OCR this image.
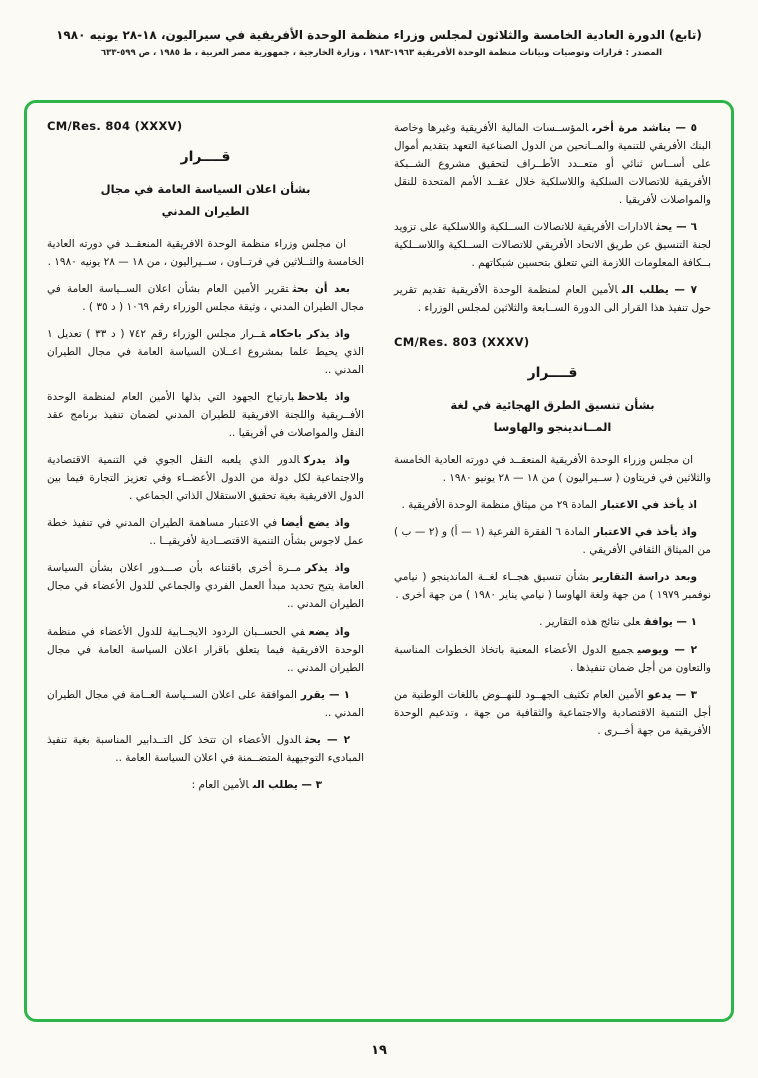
(تابع) الدورة العادية الخامسة والثلاثون لمجلس وزراء منظمة الوحدة الأفريقية في سيراليون، ١٨-٢٨ يونيه ١٩٨٠
المصدر : قرارات وتوصيات وبيانات منظمة الوحدة الأفريقية ١٩٦٣-١٩٨٣ ، وزارة الخارجية ، جمهورية مصر العربية ، ط ١٩٨٥ ، ص ٥٩٩-٦٣٣

٥ — يناشد مرة أخرىالمؤســسات المالية الأفريقية وغيرها وخاصة البنك الأفريقي للتنمية والمــانحين من الدول الصناعية التعهد بتقديم أموال على أســاس ثنائي أو متعــدد الأطــراف لتحقيق مشروع الشــبكة الأفريقية للاتصالات السلكية واللاسلكية خلال عقــد الأمم المتحدة للنقل والمواصلات لأفريقيا .

٦ — يحثالادارات الأفريقية للاتصالات الســلكية واللاسلكية على تزويد لجنة التنسيق عن طريق الاتحاد الأفريقي للاتصالات الســلكية واللاســلكية بــكافة المعلومات اللازمة التي تتعلق بتحسين شبكاتهم .

٧ — يطلب الىالأمين العام لمنظمة الوحدة الأفريقية تقديم تقرير حول تنفيذ هذا القرار الى الدورة الســابعة والثلاثين لمجلس الوزراء .

CM/Res. 803 (XXXV)
قــــرار
بشأن تنسيق الطرق الهجائية في لغة
المــاندينجو والهاوسا

ان مجلس وزراء الوحدة الأفريقية المنعقــد في دورته العادية الخامسة والثلاثين في فريتاون ( ســيراليون ) من ١٨ — ٢٨ يونيو ١٩٨٠ .

اذ يأخذ في الاعتبارالمادة ٢٩ من ميثاق منظمة الوحدة الأفريقية .

واذ يأخذ في الاعتبارالمادة ٦ الفقرة الفرعية (١ — أ) و (٢ — ب ) من الميثاق الثقافي الأفريقي .

وبعد دراسة التقاريربشأن تنسيق هجــاء لغــة الماندينجو ( نيامي نوفمبر ١٩٧٩ ) من جهة ولغة الهاوسا ( نيامي يناير ١٩٨٠ ) من جهة أخرى .

١ — يوافقعلى نتائج هذه التقارير .

٢ — ويوصيجميع الدول الأعضاء المعنية باتخاذ الخطوات المناسبة والتعاون من أجل ضمان تنفيذها .

٣ — يدعوالأمين العام تكثيف الجهــود للنهــوض باللغات الوطنية من أجل التنمية الاقتصادية والاجتماعية والثقافية من جهة ، وتدعيم الوحدة الأفريقية من جهة أخــرى .

CM/Res. 804 (XXXV)
قــــرار
بشأن اعلان السياسة العامة في مجال
الطيران المدني

ان مجلس وزراء منظمة الوحدة الافريقية المنعقــد في دورته العادية الخامسة والثــلاثين في فرتــاون ، ســيراليون ، من ١٨ — ٢٨ يونيه ١٩٨٠ .

بعد أن بحثتقرير الأمين العام بشأن اعلان الســياسة العامة في مجال الطيران المدني ، وثيقة مجلس الوزراء رقم ١٠٦٩ ( د ٣٥ ) .

واذ يذكر باحكامقــرار مجلس الوزراء رقم ٧٤٢ ( د ٣٣ ) تعديل ١ الذي يحيط علما بمشروع اعــلان السياسة العامة في مجال الطيران المدني ..

واذ يلاحظبارتياح الجهود التي بذلها الأمين العام لمنظمة الوحدة الأفــريقية واللجنة الافريقية للطيران المدني لضمان تنفيذ برنامج عقد النقل والمواصلات في أفريقيا ..

واذ يدركالدور الذي يلعبه النقل الجوي في التنمية الاقتصادية والاجتماعية لكل دولة من الدول الأعضــاء وفي تعزيز التجارة فيما بين الدول الافريقية بغية تحقيق الاستقلال الذاتي الجماعي .

واذ يضع أيضافي الاعتبار مساهمة الطيران المدني في تنفيذ خطة عمل لاجوس بشأن التنمية الاقتصــادية لأفريقيــا ..

واذ يذكرمــرة أخرى باقتناعه بأن صـــدور اعلان بشأن السياسة العامة يتيح تحديد مبدأ العمل الفردي والجماعي للدول الأعضاء في مجال الطيران المدني ..

واذ يضعفي الحســبان الردود الايجــابية للدول الأعضاء في منظمة الوحدة الافريقية فيما يتعلق باقرار اعلان السياسة العامة في مجال الطيران المدني ..

١ — يقررالموافقة على اعلان الســياسة العــامة في مجال الطيران المدني ..

٢ — يحثالدول الأعضاء ان تتخذ كل التــدابير المناسبة بغية تنفيذ المبادىء التوجيهية المتضــمنة في اعلان السياسة العامة ..

٣ — يطلب الىالأمين العام :

١٩
